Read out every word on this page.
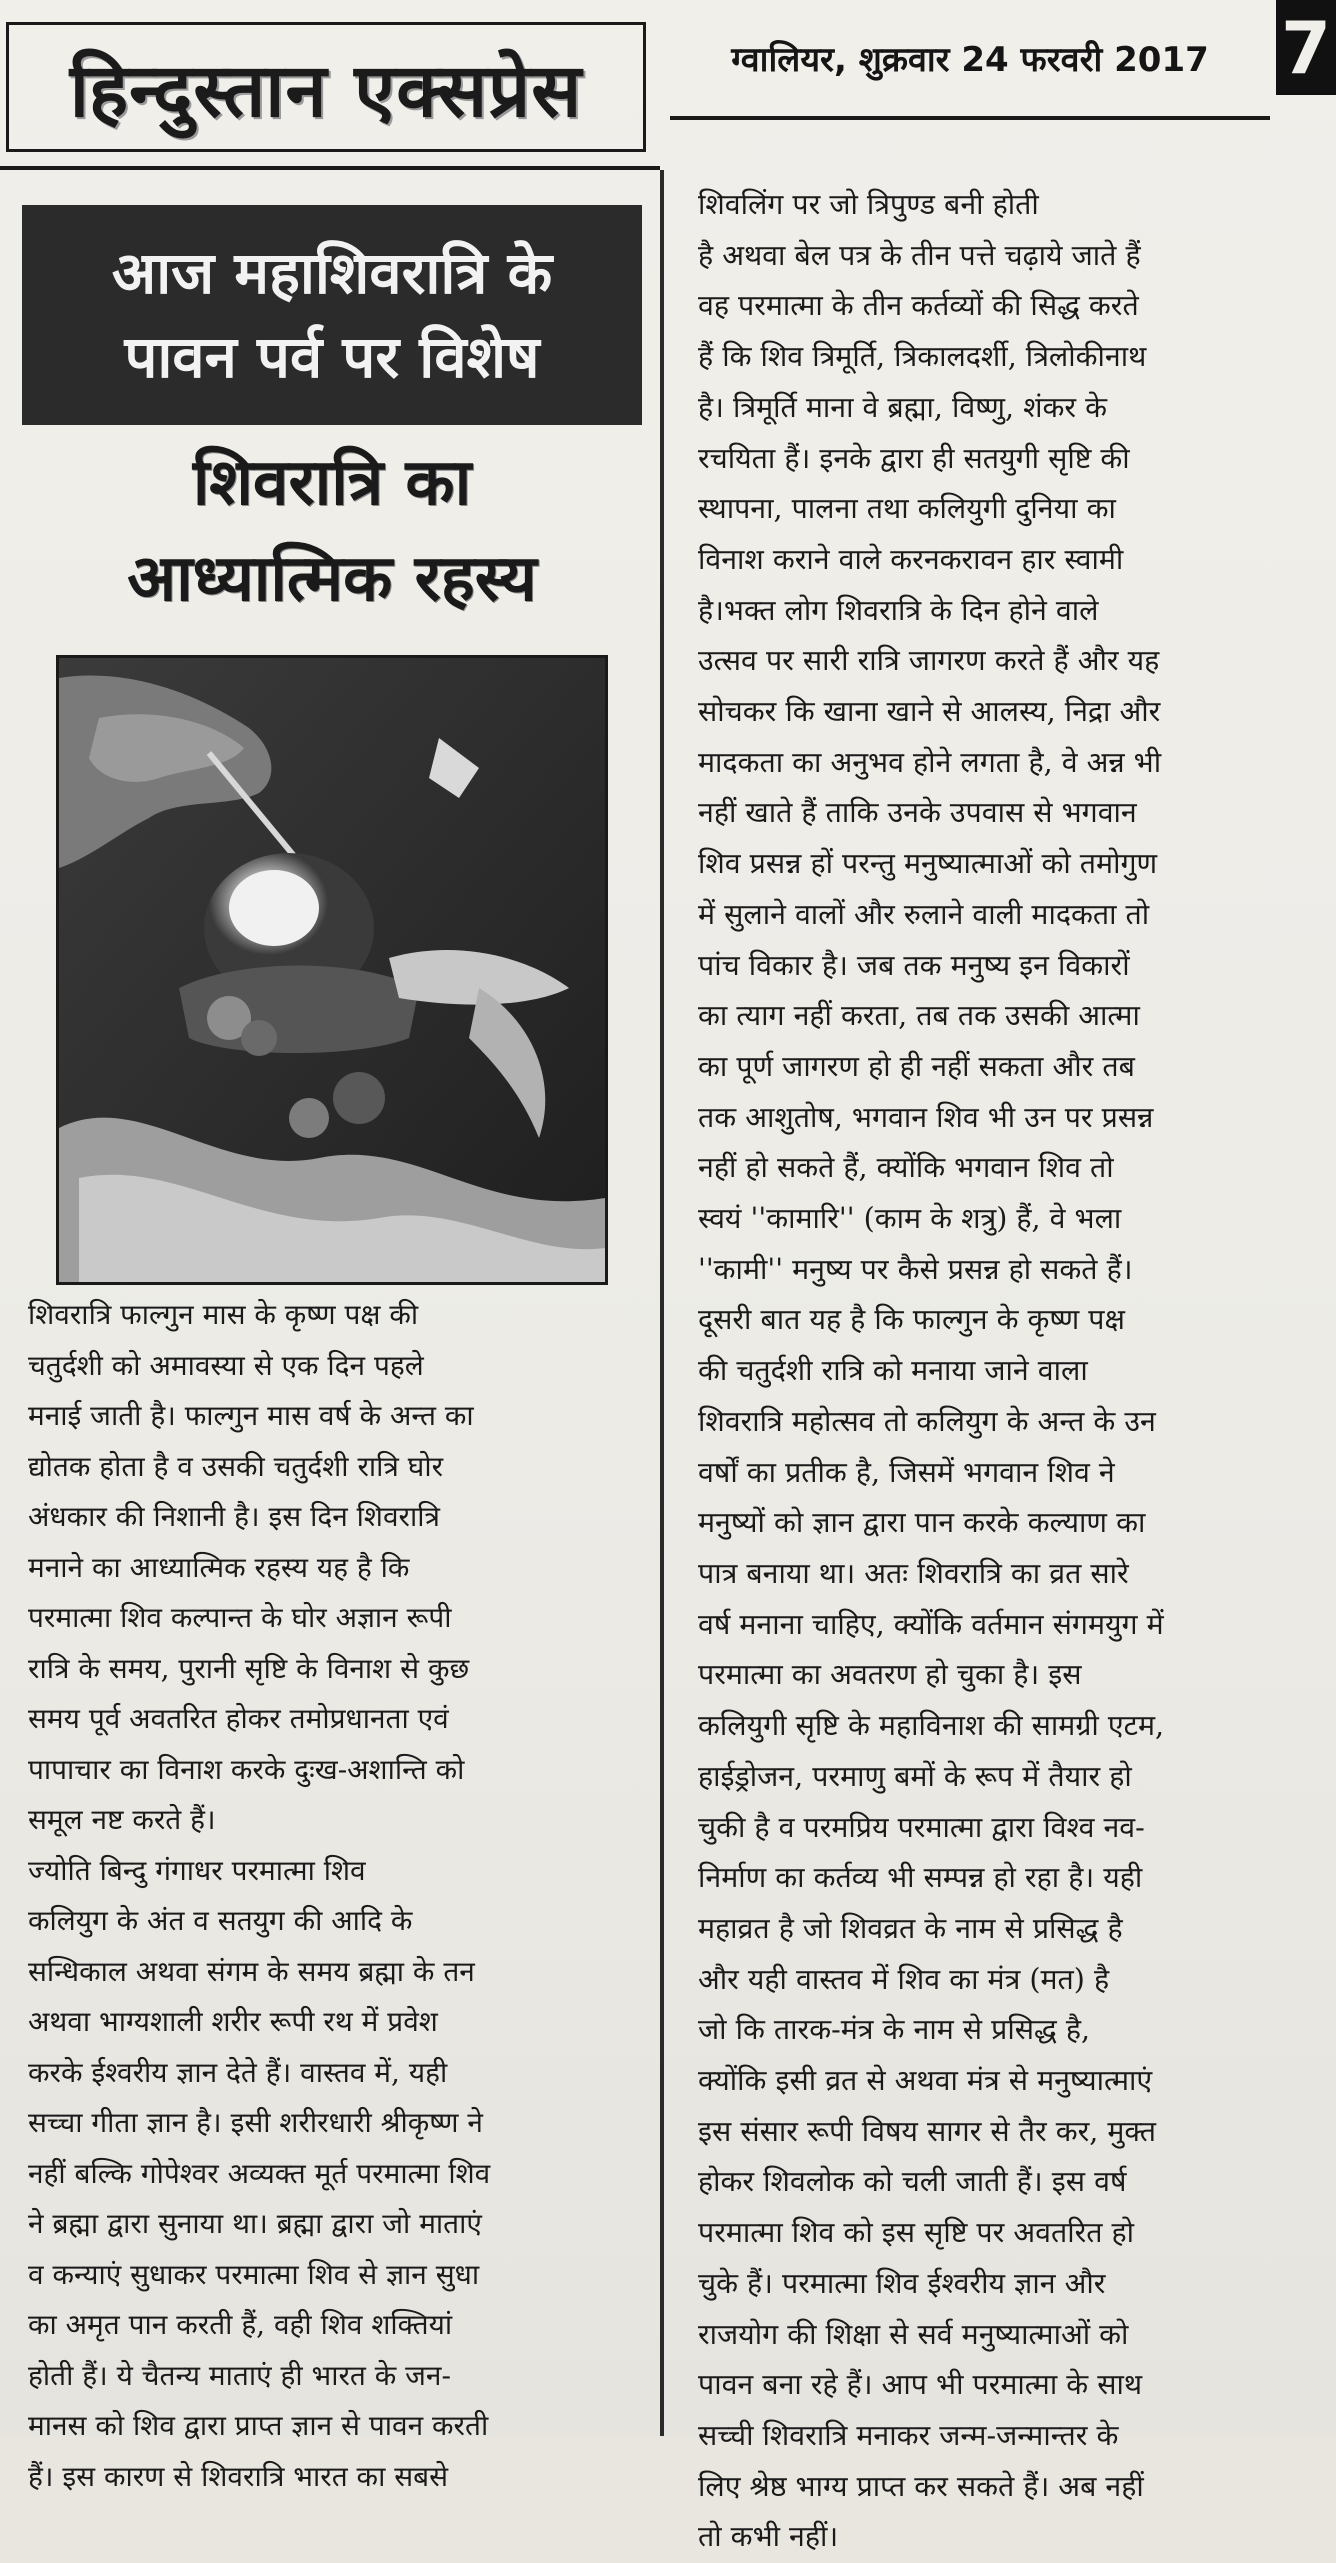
हिन्दुस्तान एक्सप्रेस	ग्वालियर, शुक्रवार 24 फरवरी 2017 7
आज महाशिवरात्रि के
पावन पर्व पर विशेष
शिवरात्रि का
आध्यात्मिक रहस्य

शिवरात्रि फाल्गुन मास के कृष्ण पक्ष की
चतुर्दशी को अमावस्या से एक दिन पहले
मनाई जाती है। फाल्गुन मास वर्ष के अन्त का
द्योतक होता है व उसकी चतुर्दशी रात्रि घोर
अंधकार की निशानी है। इस दिन शिवरात्रि
मनाने का आध्यात्मिक रहस्य यह है कि
परमात्मा शिव कल्पान्त के घोर अज्ञान रूपी
रात्रि के समय, पुरानी सृष्टि के विनाश से कुछ
समय पूर्व अवतरित होकर तमोप्रधानता एवं
पापाचार का विनाश करके दुःख-अशान्ति को
समूल नष्ट करते हैं।

ज्योति बिन्दु गंगाधर परमात्मा शिव
कलियुग के अंत व सतयुग की आदि के
सन्धिकाल अथवा संगम के समय ब्रह्मा के तन
अथवा भाग्यशाली शरीर रूपी रथ में प्रवेश
करके ईश्वरीय ज्ञान देते हैं। वास्तव में, यही
सच्चा गीता ज्ञान है। इसी शरीरधारी श्रीकृष्ण ने
नहीं बल्कि गोपेश्वर अव्यक्त मूर्त परमात्मा शिव
ने ब्रह्मा द्वारा सुनाया था। ब्रह्मा द्वारा जो माताएं
व कन्याएं सुधाकर परमात्मा शिव से ज्ञान सुधा
का अमृत पान करती हैं, वही शिव शक्तियां
होती हैं। ये चैतन्य माताएं ही भारत के जन-
मानस को शिव द्वारा प्राप्त ज्ञान से पावन करती
हैं। इस कारण से शिवरात्रि भारत का सबसे

शिवलिंग पर जो त्रिपुण्ड बनी होती
है अथवा बेल पत्र के तीन पत्ते चढ़ाये जाते हैं
वह परमात्मा के तीन कर्तव्यों की सिद्ध करते
हैं कि शिव त्रिमूर्ति, त्रिकालदर्शी, त्रिलोकीनाथ
है। त्रिमूर्ति माना वे ब्रह्मा, विष्णु, शंकर के
रचयिता हैं। इनके द्वारा ही सतयुगी सृष्टि की
स्थापना, पालना तथा कलियुगी दुनिया का
विनाश कराने वाले करनकरावन हार स्वामी
है।भक्त लोग शिवरात्रि के दिन होने वाले
उत्सव पर सारी रात्रि जागरण करते हैं और यह
सोचकर कि खाना खाने से आलस्य, निद्रा और
मादकता का अनुभव होने लगता है, वे अन्न भी
नहीं खाते हैं ताकि उनके उपवास से भगवान
शिव प्रसन्न हों परन्तु मनुष्यात्माओं को तमोगुण
में सुलाने वालों और रुलाने वाली मादकता तो
पांच विकार है। जब तक मनुष्य इन विकारों
का त्याग नहीं करता, तब तक उसकी आत्मा
का पूर्ण जागरण हो ही नहीं सकता और तब
तक आशुतोष, भगवान शिव भी उन पर प्रसन्न
नहीं हो सकते हैं, क्योंकि भगवान शिव तो
स्वयं ''कामारि'' (काम के शत्रु) हैं, वे भला
''कामी'' मनुष्य पर कैसे प्रसन्न हो सकते हैं।
दूसरी बात यह है कि फाल्गुन के कृष्ण पक्ष
की चतुर्दशी रात्रि को मनाया जाने वाला
शिवरात्रि महोत्सव तो कलियुग के अन्त के उन
वर्षों का प्रतीक है, जिसमें भगवान शिव ने
मनुष्यों को ज्ञान द्वारा पान करके कल्याण का
पात्र बनाया था। अतः शिवरात्रि का व्रत सारे
वर्ष मनाना चाहिए, क्योंकि वर्तमान संगमयुग में
परमात्मा का अवतरण हो चुका है। इस
कलियुगी सृष्टि के महाविनाश की सामग्री एटम,
हाईड्रोजन, परमाणु बमों के रूप में तैयार हो
चुकी है व परमप्रिय परमात्मा द्वारा विश्व नव-
निर्माण का कर्तव्य भी सम्पन्न हो रहा है। यही
महाव्रत है जो शिवव्रत के नाम से प्रसिद्ध है
और यही वास्तव में शिव का मंत्र (मत) है
जो कि तारक-मंत्र के नाम से प्रसिद्ध है,
क्योंकि इसी व्रत से अथवा मंत्र से मनुष्यात्माएं
इस संसार रूपी विषय सागर से तैर कर, मुक्त
होकर शिवलोक को चली जाती हैं। इस वर्ष
परमात्मा शिव को इस सृष्टि पर अवतरित हो
चुके हैं। परमात्मा शिव ईश्वरीय ज्ञान और
राजयोग की शिक्षा से सर्व मनुष्यात्माओं को
पावन बना रहे हैं। आप भी परमात्मा के साथ
सच्ची शिवरात्रि मनाकर जन्म-जन्मान्तर के
लिए श्रेष्ठ भाग्य प्राप्त कर सकते हैं। अब नहीं
तो कभी नहीं।
